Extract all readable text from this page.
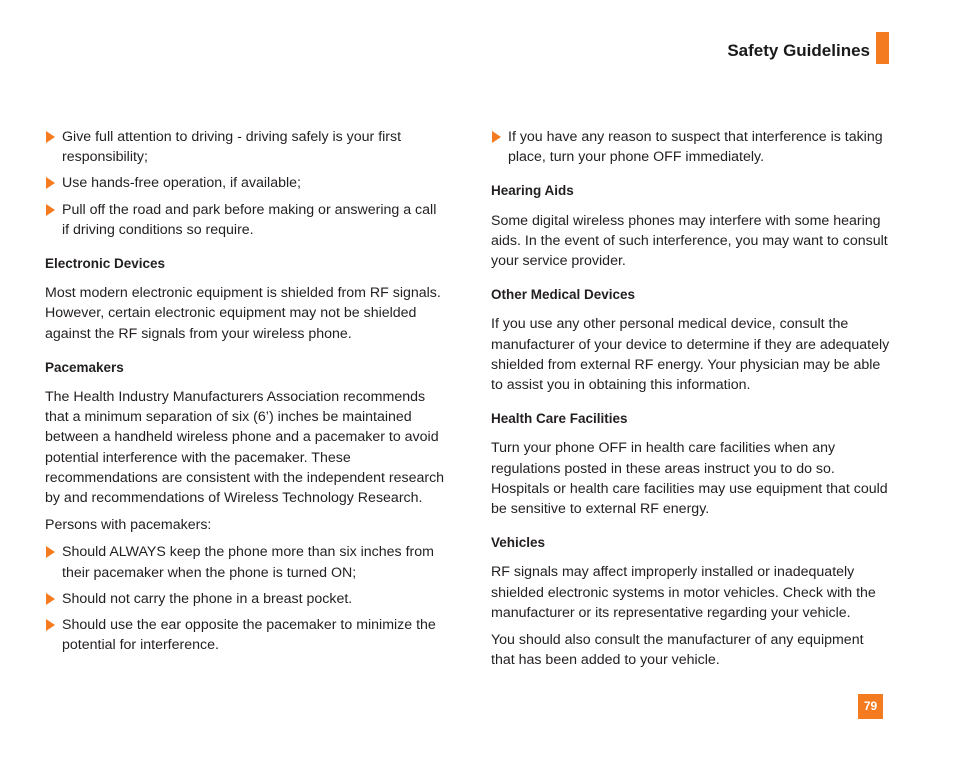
Safety Guidelines
Give full attention to driving - driving safely is your first responsibility;
Use hands-free operation, if available;
Pull off the road and park before making or answering a call if driving conditions so require.
Electronic Devices

Most modern electronic equipment is shielded from RF signals. However, certain electronic equipment may not be shielded against the RF signals from your wireless phone.

Pacemakers

The Health Industry Manufacturers Association recommends that a minimum separation of six (6’) inches be maintained between a handheld wireless phone and a pacemaker to avoid potential interference with the pacemaker. These recommendations are consistent with the independent research by and recommendations of Wireless Technology Research.

Persons with pacemakers:

Should ALWAYS keep the phone more than six inches from their pacemaker when the phone is turned ON;
Should not carry the phone in a breast pocket.
Should use the ear opposite the pacemaker to minimize the potential for interference.
If you have any reason to suspect that interference is taking place, turn your phone OFF immediately.
Hearing Aids

Some digital wireless phones may interfere with some hearing aids. In the event of such interference, you may want to consult your service provider.

Other Medical Devices

If you use any other personal medical device, consult the manufacturer of your device to determine if they are adequately shielded from external RF energy. Your physician may be able to assist you in obtaining this information.

Health Care Facilities

Turn your phone OFF in health care facilities when any regulations posted in these areas instruct you to do so. Hospitals or health care facilities may use equipment that could be sensitive to external RF energy.

Vehicles

RF signals may affect improperly installed or inadequately shielded electronic systems in motor vehicles. Check with the manufacturer or its representative regarding your vehicle.

You should also consult the manufacturer of any equipment that has been added to your vehicle.

79
